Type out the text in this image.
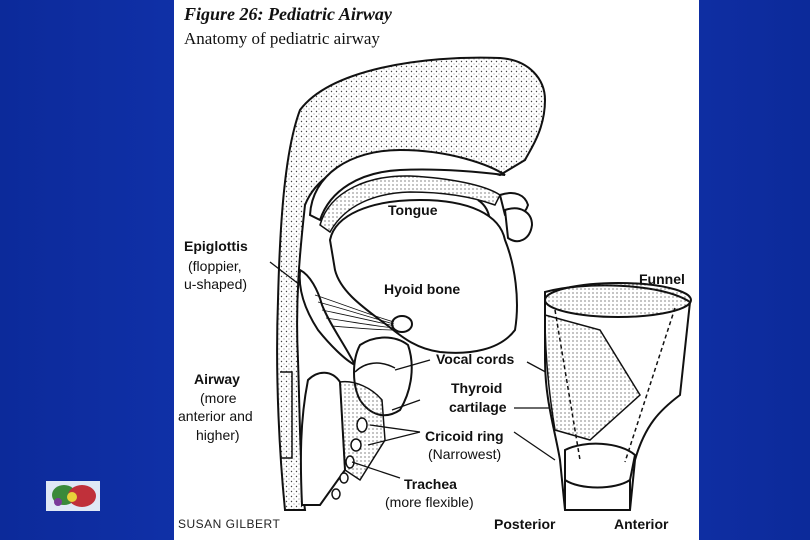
Figure 26: Pediatric Airway
Anatomy of pediatric airway
Tongue
Epiglottis
(floppier,
u-shaped)	Hyoid bone
Vocal cords
Thyroid
cartilage
Cricoid ring
(Narrowest)
Trachea
(more flexible)
Airway
(more
anterior and
higher)
Funnel
Posterior	Anterior
SUSAN GILBERT
